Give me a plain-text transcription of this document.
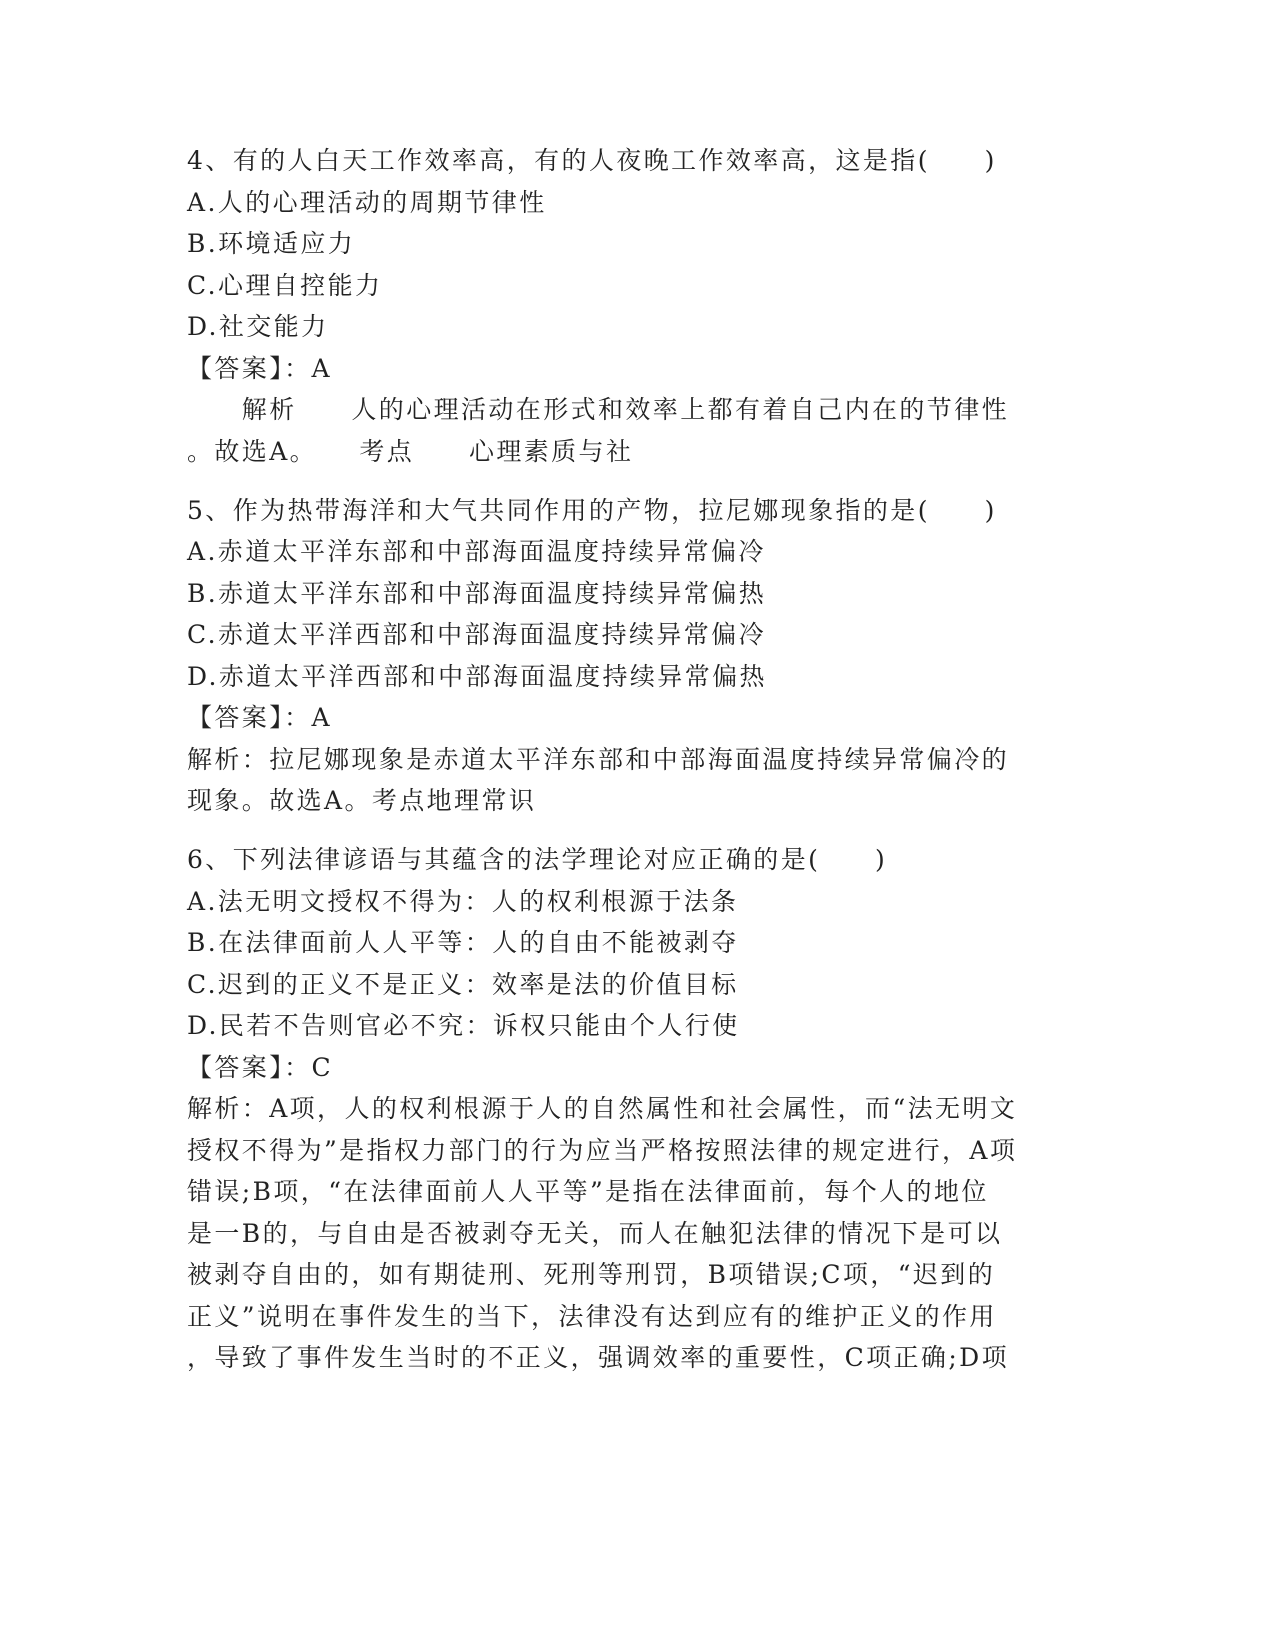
4、有的人白天工作效率高，有的人夜晚工作效率高，这是指(　　)
A.人的心理活动的周期节律性
B.环境适应力
C.心理自控能力
D.社交能力
【答案】：A
　　解析　　人的心理活动在形式和效率上都有着自己内在的节律性
。故选A。　　考点　　心理素质与社
5、作为热带海洋和大气共同作用的产物，拉尼娜现象指的是(　　)
A.赤道太平洋东部和中部海面温度持续异常偏冷
B.赤道太平洋东部和中部海面温度持续异常偏热
C.赤道太平洋西部和中部海面温度持续异常偏冷
D.赤道太平洋西部和中部海面温度持续异常偏热
【答案】：A
解析：拉尼娜现象是赤道太平洋东部和中部海面温度持续异常偏冷的
现象。故选A。考点地理常识
6、下列法律谚语与其蕴含的法学理论对应正确的是(　　)
A.法无明文授权不得为：人的权利根源于法条
B.在法律面前人人平等：人的自由不能被剥夺
C.迟到的正义不是正义：效率是法的价值目标
D.民若不告则官必不究：诉权只能由个人行使
【答案】：C
解析：A项，人的权利根源于人的自然属性和社会属性，而“法无明文
授权不得为”是指权力部门的行为应当严格按照法律的规定进行，A项
错误;B项，“在法律面前人人平等”是指在法律面前，每个人的地位
是一B的，与自由是否被剥夺无关，而人在触犯法律的情况下是可以
被剥夺自由的，如有期徒刑、死刑等刑罚，B项错误;C项，“迟到的
正义”说明在事件发生的当下，法律没有达到应有的维护正义的作用
，导致了事件发生当时的不正义，强调效率的重要性，C项正确;D项
